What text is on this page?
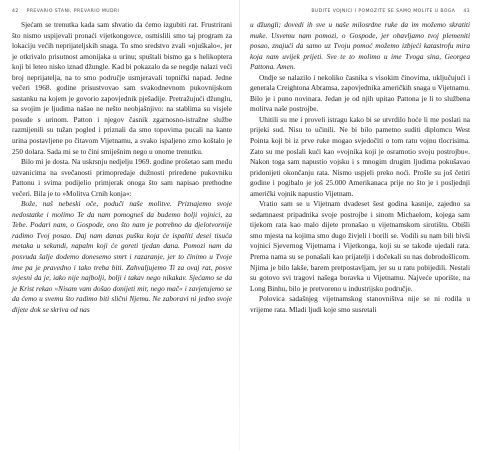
42 PREVARIO STANI, PREVARIO MUDRI

Sjećam se trenutka kada sam shvatio da ćemo izgubiti rat. Frustrirani što nismo uspijevali pronaći vijetkongovce, osmislili smo taj program za lokaciju većih neprijateljskih snaga. To smo sredstvo zvali »njuškalo«, jer je otkrivalo prisutnost amonijaka u urinu; spuštali bismo ga s helikoptera koji bi leteo nisko iznad džungle. Kad bi pokazalo da se negdje nalazi veći broj neprijatelja, na to smo područje usmjeravali topnički napad. Jedne večeri 1968. godine prisustvovao sam svakodnevnom pukovnijskom sastanku na kojem je govorio zapovjednik pješadije. Pretražujući džunglu, sa svojim je ljudima našao ne nešto neobjašnjivo: na stablima su visjele posude s urinom. Patton i njegov časnik zgarnosno-istražne službe razmijenili su tužan pogled i priznali da smo topovima pucali na kante urina postavljene po čitavom Vijetnamu, a svako ispaljeno zrno koštalo je 250 dolara. Sada mi se to čini smiješnim nego u onome trenutku.

Bilo mi je dosta. Na uskrsnju nedjelju 1969. godine prošetao sam među uzvanicima na svečanosti primopredaje dužnosti priređene pukovniku Pattonu i svima podijelio primjerak onoga što sam napisao prethodne večeri. Bila je to »Molitva Crnih konja«:

Bože, naš nebeski oče, poduči naše molitve. Priznajemo svoje nedostatke i molimo Te da nam pomogneš da budemo bolji vojnici, za Tebe. Podari nam, o Gospode, ono što nam je potrebno da djelotvornije radimo Tvoj posao. Daj nam danas pušku koja će ispaliti desei tisuća metaka u sekundi, napalm koji će goreti tjedan dana. Pomozi nam da posvuda šalje dodemo donesemo smrt i razaranje, jer to činimo u Tvoje ime pa je pravedno i tako treba biti. Zahvaljujemo Ti za ovaj rat, posve svjesni da je, iako nije najbolji, bolji i takav nego nikakav. Sjećamo se da je Krist rekao »Nisam vam došao donijeti mir, nego mač« i zavjetujemo se da ćemo u svemu što radimo biti slični Njemu. Ne zaboravi ni jedno svoje dijete dok se skriva od nas

BUDITE VOJNICI I POMOZITE SE SAMO MOLITE U BOGA 43

u džungli; dovedi ih sve u naše milosrdne ruke da im možemo skratiti muke. Usvemu nam pomozi, o Gospode, jer obavljamo tvoj plemeniti posao, znajući da samo uz Tvoju pomoć možemo izbjeći katastrofu mira koja nam uvijek prijeti. Sve te to molimo u ime Tvoga sina, Georgea Pattona. Amen.

Ondje se nalazilo i nekoliko časnika s visokim činovima, uključujući i generala Creightona Abramsa, zapovjednika američkih snaga u Vijetnamu. Bilo je i puno novinara. Jedan je od njih upitao Pattona je li to službena molitva naše postrojbe.

Uhitili su me i proveli istragu kako bi se utvrdilo hoće li me poslati na prijeki sud. Nisu to učinili. Ne bi bilo pametno suditi diplomcu West Pointa koji bi iz prve ruke mogao svjedočiti o tom ratu vojnu tlocrisima. Zato su me poslali kući kao »vojnika koji je osramotio svoju postrojbu«. Nakon toga sam napustio vojsku i s mnogim drugim ljudima pokušavao pridonijeti okončanju rata. Nismo uspjeli preko noći. Prošle su još četiri godine i pogibalo je još 25.000 Amerikanaca prije no što je i posljednji američki vojnik napustio Vijetnam.

Vratio sam se u Vijetnam dvadeset šest godina kasnije, zajedno sa sedamnaest pripadnika svoje postrojbe i sinom Michaelom, kojega sam tijekom rata kao malo dijete pronašao u vijetnamskom sirotištu. Obišli smo mjesta na kojima smo dugo živjeli i borili se. Vodili su nam bili bivši vojnici Sjevernog Vijetnama i Vijetkonga, koji su se takođe ujedali rata. Prema nama su se ponašali kao prijatelji i dočekali su nas dobrodošlicom. Njima je bilo lakše, barem pretpostavljam, jer su u ratu pobijedili. Nestali su gotovo svi tragovi našega boravka u Vijetnamu. Najveće uporište, na Long Binhu, bilo je pretvoreno u industrijsko područje.

Polovica sadašnjeg vijetnamskog stanovništva nije se ni rodila u vrijeme rata. Mladi ljudi koje smo susretali
